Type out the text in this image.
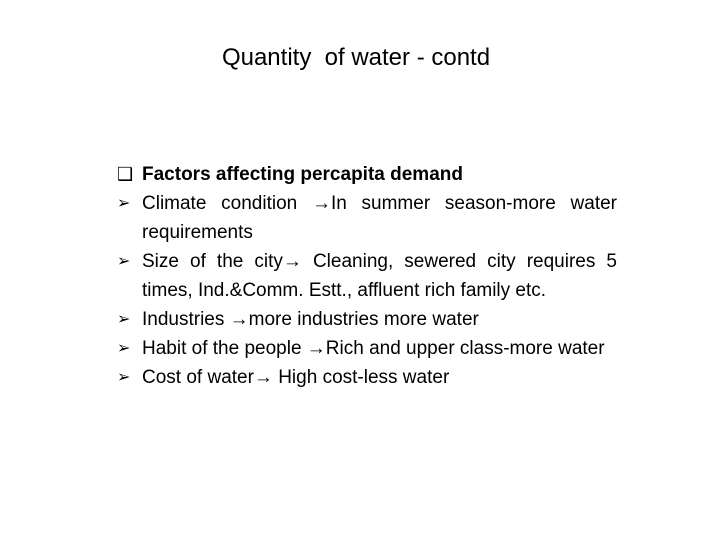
Quantity  of water - contd
❑ Factors affecting percapita demand
➢ Climate condition →In summer season-more water requirements
➢ Size of the city→ Cleaning, sewered city requires 5 times, Ind.&Comm. Estt., affluent rich family etc.
➢ Industries →more industries more water
➢ Habit of the people →Rich and upper class-more water
➢ Cost of water→ High cost-less water
